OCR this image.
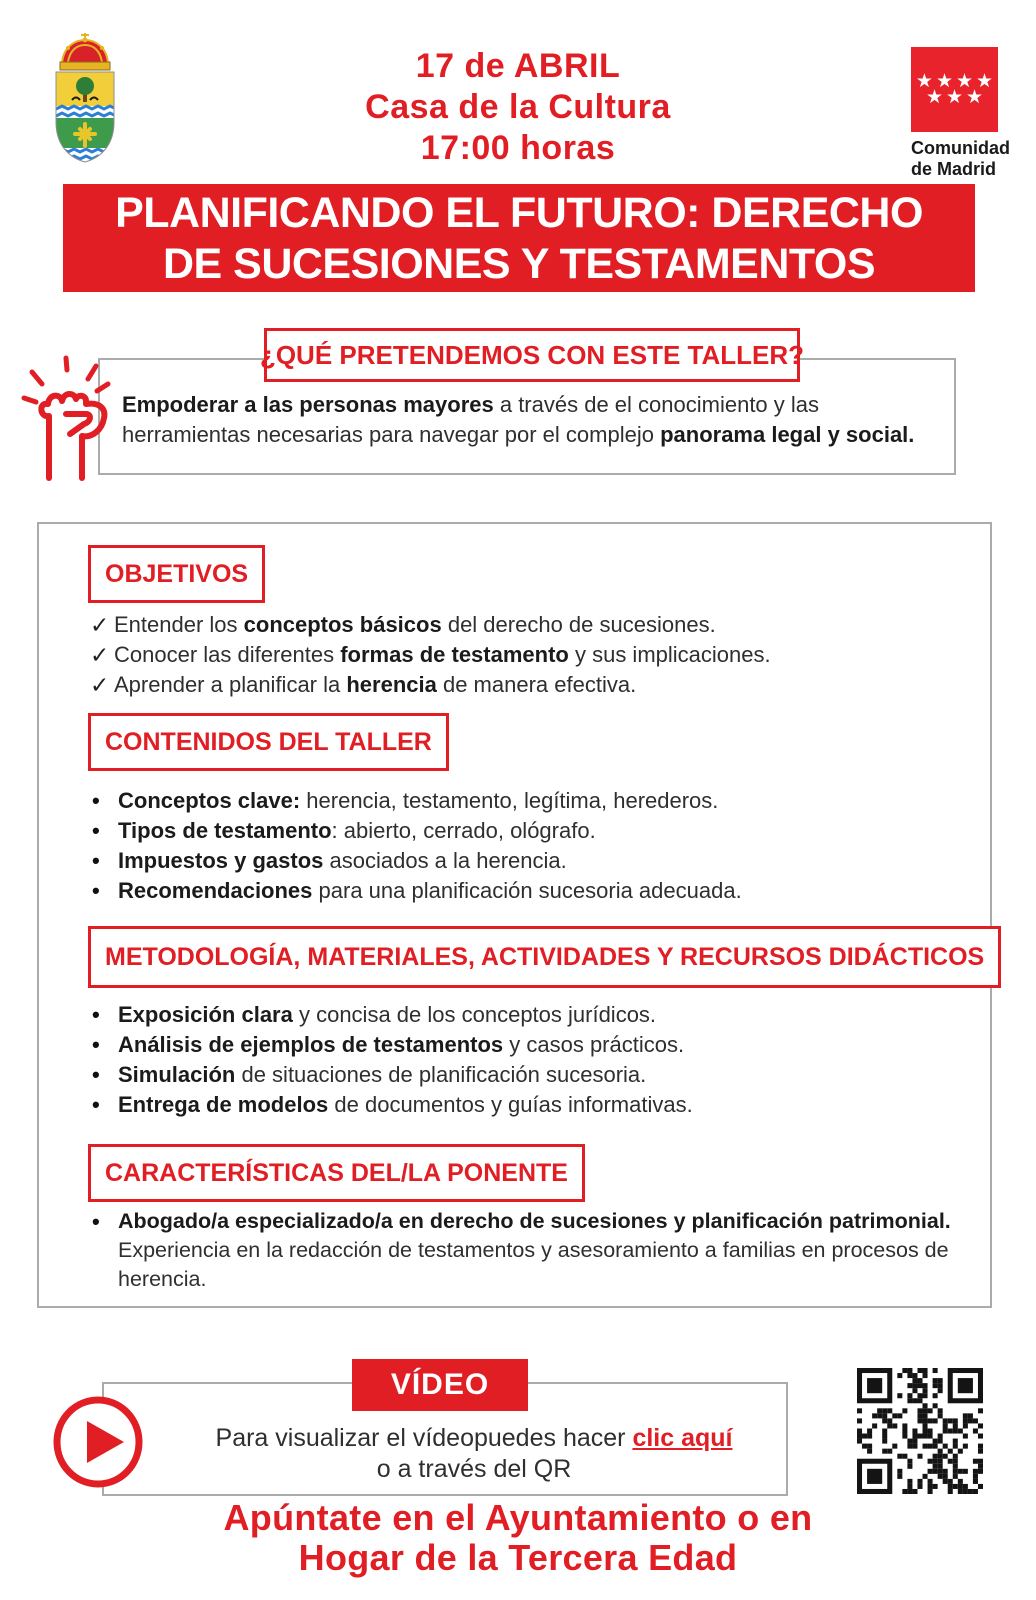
17 de ABRIL
Casa de la Cultura
17:00 horas
★★★★
★★★
Comunidad
de Madrid
PLANIFICANDO EL FUTURO: DERECHO
DE SUCESIONES Y TESTAMENTOS
Empoderar a las personas mayores a través de el conocimiento y las
herramientas necesarias para navegar por el complejo panorama legal y social.
¿QUÉ PRETENDEMOS CON ESTE TALLER?
OBJETIVOS
✓ Entender los conceptos básicos del derecho de sucesiones.
✓ Conocer las diferentes formas de testamento y sus implicaciones.
✓ Aprender a planificar la herencia de manera efectiva.
CONTENIDOS DEL TALLER
• Conceptos clave: herencia, testamento, legítima, herederos.
• Tipos de testamento: abierto, cerrado, ológrafo.
• Impuestos y gastos asociados a la herencia.
• Recomendaciones para una planificación sucesoria adecuada.
METODOLOGÍA, MATERIALES, ACTIVIDADES Y RECURSOS DIDÁCTICOS
• Exposición clara y concisa de los conceptos jurídicos.
• Análisis de ejemplos de testamentos y casos prácticos.
• Simulación de situaciones de planificación sucesoria.
• Entrega de modelos de documentos y guías informativas.
CARACTERÍSTICAS DEL/LA PONENTE
• Abogado/a especializado/a en derecho de sucesiones y planificación patrimonial. Experiencia en la redacción de testamentos y asesoramiento a familias en procesos de herencia.
Para visualizar el vídeopuedes hacer clic aquí
o a través del QR
VÍDEO
Apúntate en el Ayuntamiento o en
Hogar de la Tercera Edad
